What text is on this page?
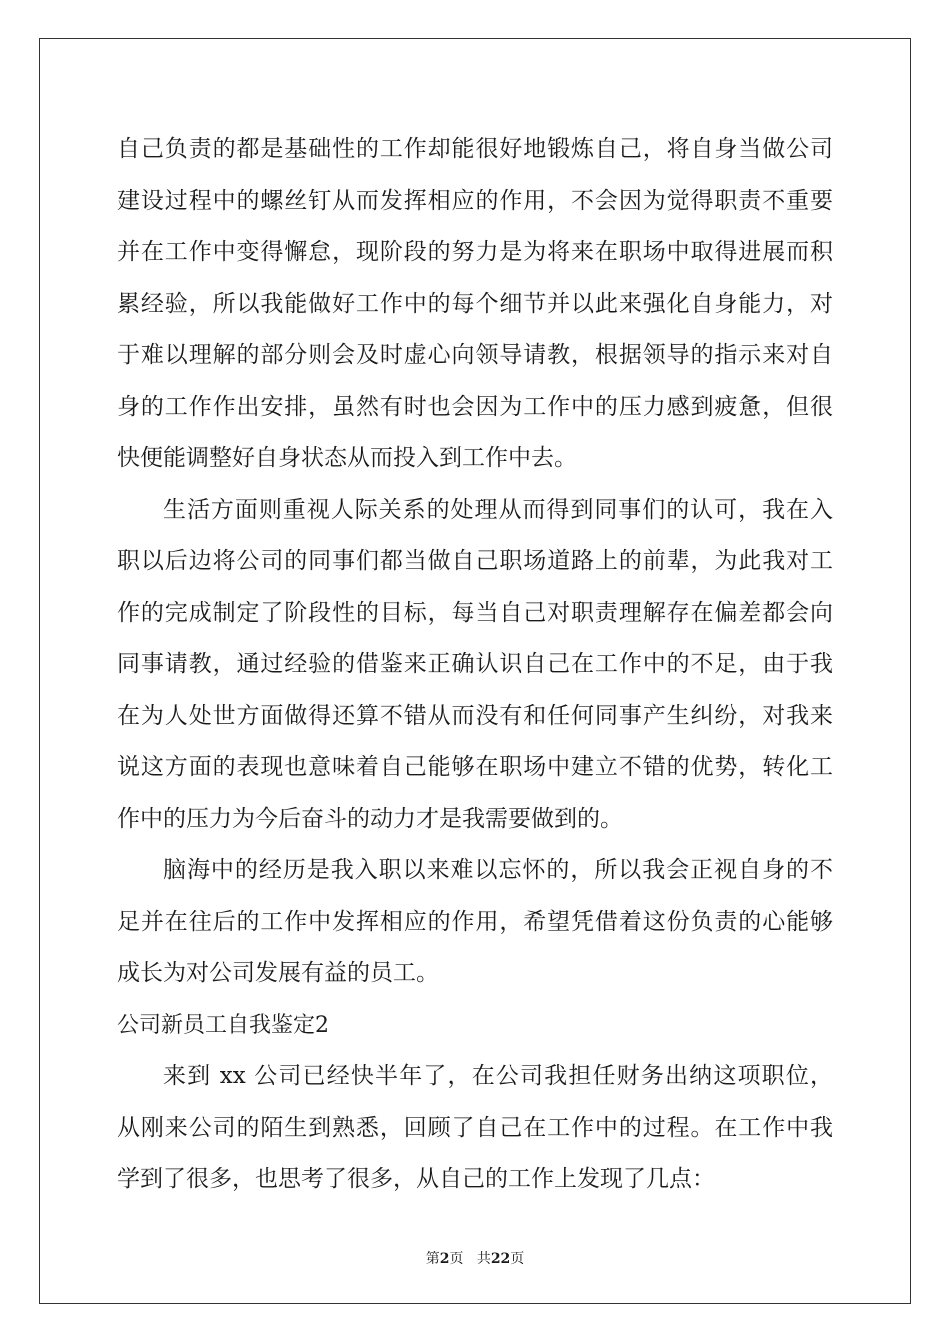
自己负责的都是基础性的工作却能很好地锻炼自己，将自身当做公司
建设过程中的螺丝钉从而发挥相应的作用，不会因为觉得职责不重要
并在工作中变得懈怠，现阶段的努力是为将来在职场中取得进展而积
累经验，所以我能做好工作中的每个细节并以此来强化自身能力，对
于难以理解的部分则会及时虚心向领导请教，根据领导的指示来对自
身的工作作出安排，虽然有时也会因为工作中的压力感到疲惫，但很
快便能调整好自身状态从而投入到工作中去。
生活方面则重视人际关系的处理从而得到同事们的认可，我在入
职以后边将公司的同事们都当做自己职场道路上的前辈，为此我对工
作的完成制定了阶段性的目标，每当自己对职责理解存在偏差都会向
同事请教，通过经验的借鉴来正确认识自己在工作中的不足，由于我
在为人处世方面做得还算不错从而没有和任何同事产生纠纷，对我来
说这方面的表现也意味着自己能够在职场中建立不错的优势，转化工
作中的压力为今后奋斗的动力才是我需要做到的。
脑海中的经历是我入职以来难以忘怀的，所以我会正视自身的不
足并在往后的工作中发挥相应的作用，希望凭借着这份负责的心能够
成长为对公司发展有益的员工。
公司新员工自我鉴定2
来到 xx 公司已经快半年了，在公司我担任财务出纳这项职位，
从刚来公司的陌生到熟悉，回顾了自己在工作中的过程。在工作中我
学到了很多，也思考了很多，从自己的工作上发现了几点：
第2页 共22页
